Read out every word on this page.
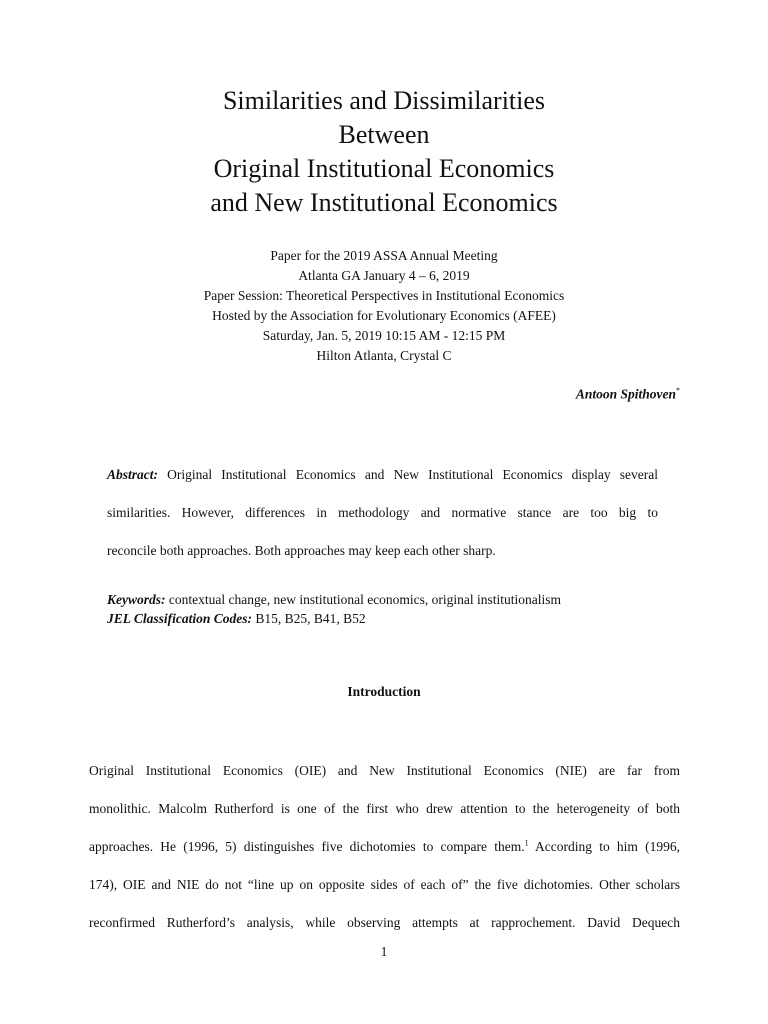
Similarities and Dissimilarities
Between
Original Institutional Economics
and New Institutional Economics
Paper for the 2019 ASSA Annual Meeting
Atlanta GA January 4 – 6, 2019
Paper Session: Theoretical Perspectives in Institutional Economics
Hosted by the Association for Evolutionary Economics (AFEE)
Saturday, Jan. 5, 2019 10:15 AM - 12:15 PM
Hilton Atlanta, Crystal C
Antoon Spithoven*
Abstract: Original Institutional Economics and New Institutional Economics display several
similarities. However, differences in methodology and normative stance are too big to
reconcile both approaches. Both approaches may keep each other sharp.
Keywords: contextual change, new institutional economics, original institutionalism
JEL Classification Codes: B15, B25, B41, B52
Introduction
Original Institutional Economics (OIE) and New Institutional Economics (NIE) are far from
monolithic. Malcolm Rutherford is one of the first who drew attention to the heterogeneity of both
approaches. He (1996, 5) distinguishes five dichotomies to compare them.$^1$ According to him (1996,
174), OIE and NIE do not “line up on opposite sides of each of” the five dichotomies. Other scholars
reconfirmed Rutherford’s analysis, while observing attempts at rapprochement. David Dequech
1
